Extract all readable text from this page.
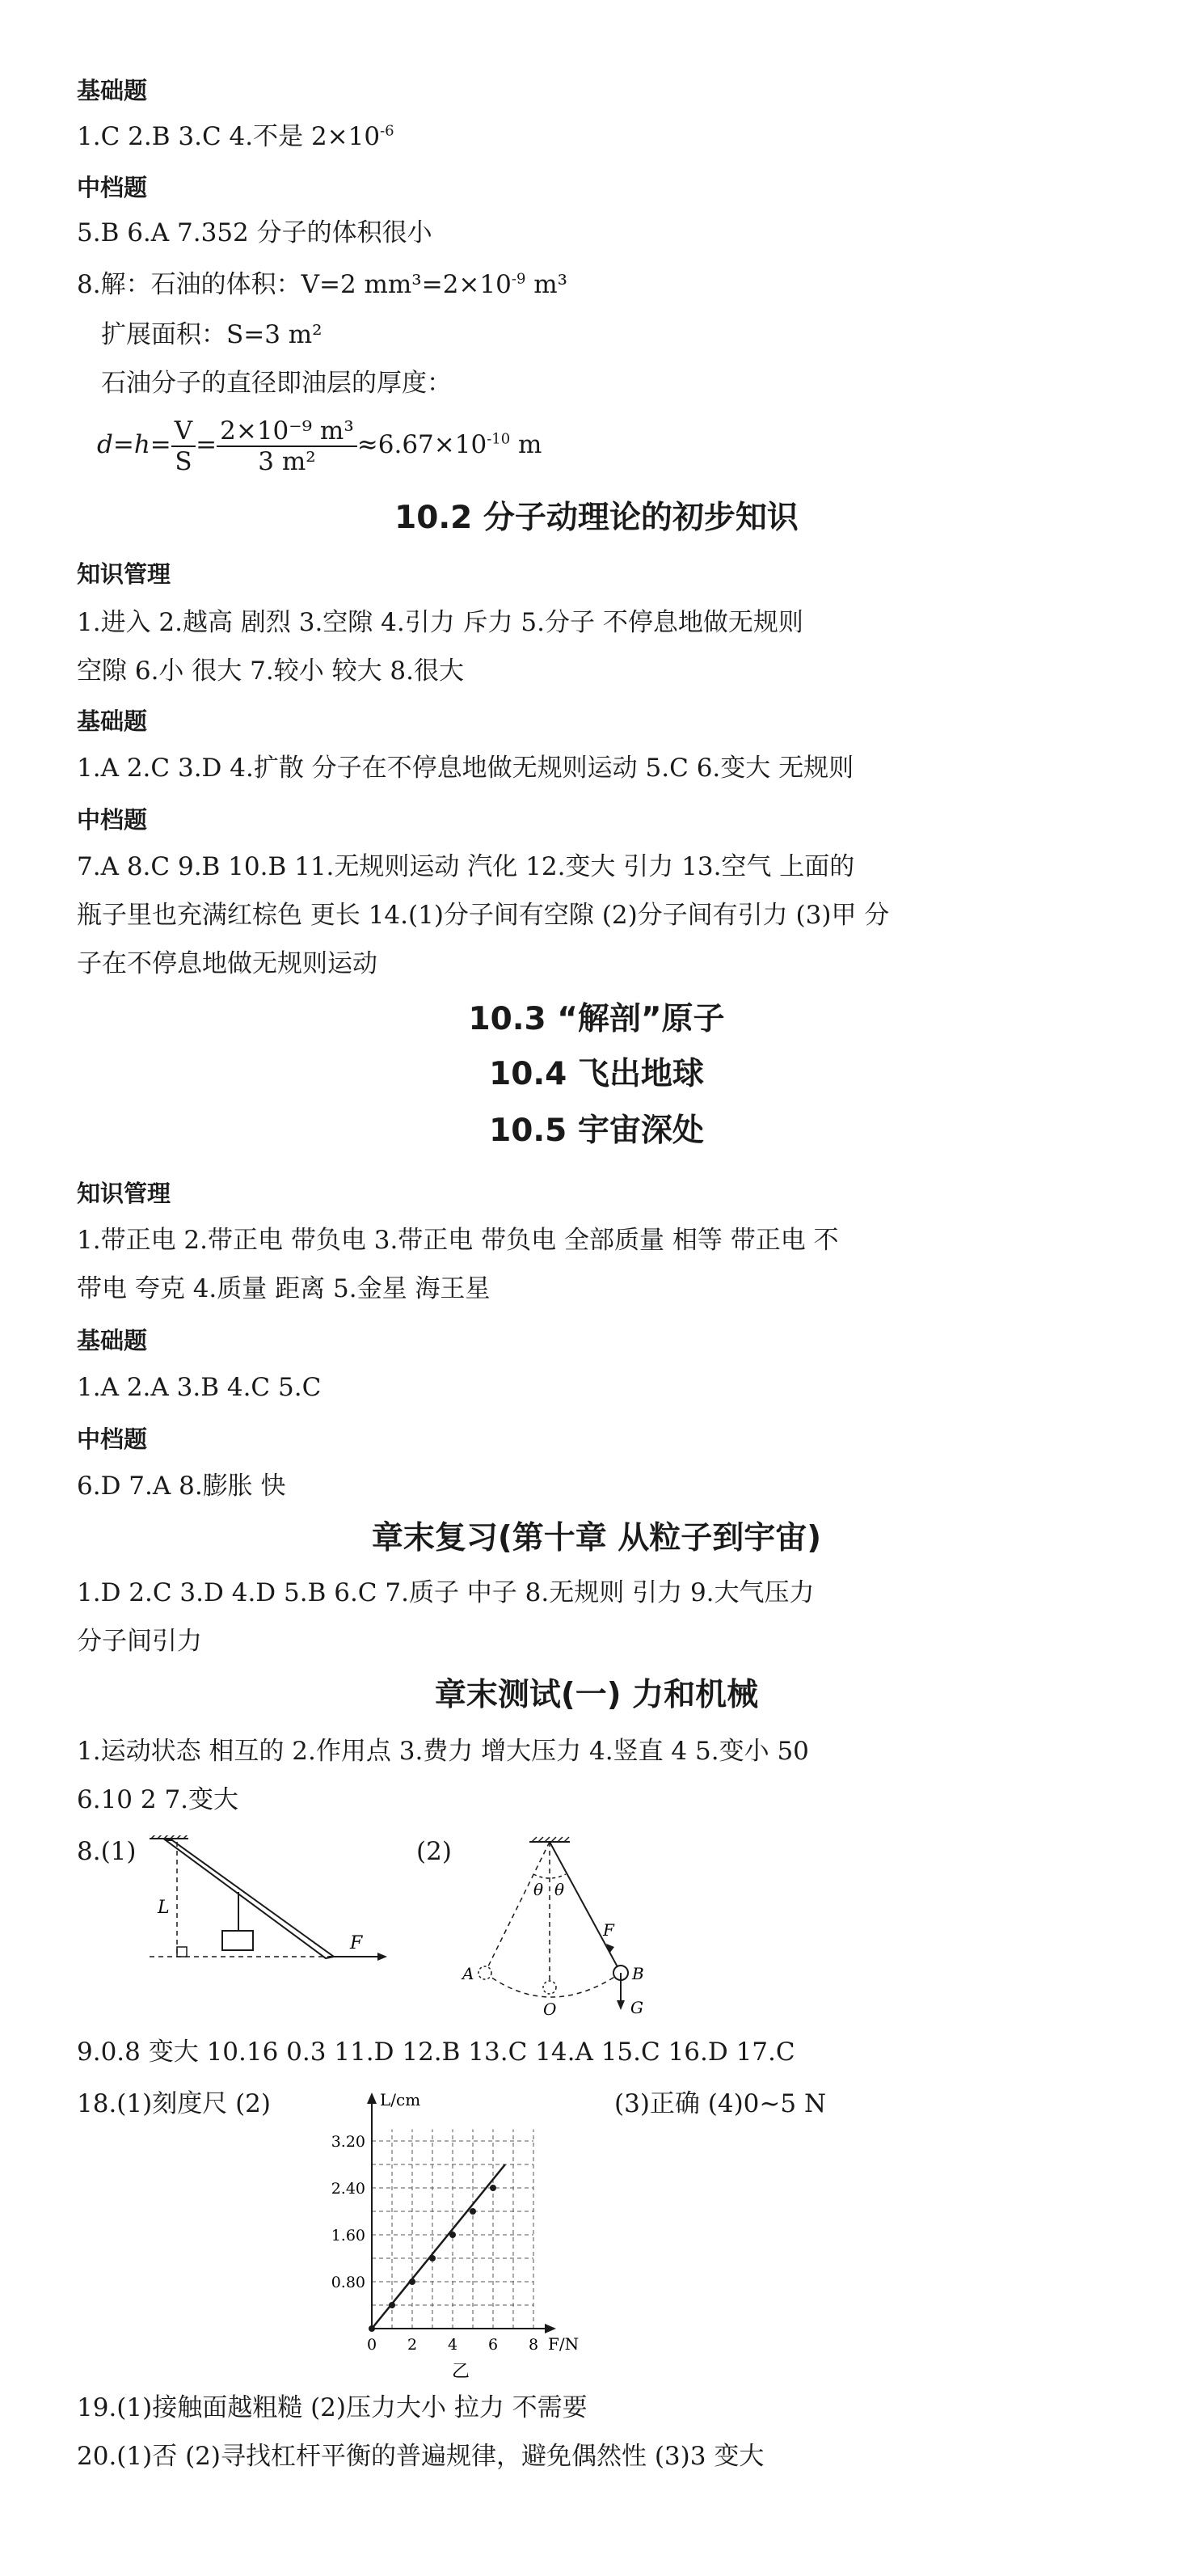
基础题
1.C 2.B 3.C 4.不是 $2\times 10^{-6}$
中档题
5.B 6.A 7.352 分子的体积很小
8.解：石油的体积：V=2 $mm^3=2\times 10^{-9}$ m³
扩展面积：S=3 m²
石油分子的直径即油层的厚度：
$d=h= \frac{V}{S} = \frac{\text{2×10⁻⁹ m³}}{\text{3 m²}} \approx 6.67\times 10^{-10}$ m
10.2 分子动理论的初步知识
知识管理
1.进入 2.越高 剧烈 3.空隙 4.引力 斥力 5.分子 不停息地做无规则
空隙 6.小 很大 7.较小 较大 8.很大
基础题
1.A 2.C 3.D 4.扩散 分子在不停息地做无规则运动 5.C 6.变大 无规则
中档题
7.A 8.C 9.B 10.B 11.无规则运动 汽化 12.变大 引力 13.空气 上面的
瓶子里也充满红棕色 更长 14.(1)分子间有空隙 (2)分子间有引力 (3)甲 分
子在不停息地做无规则运动
10.3 “解剖”原子
10.4 飞出地球
10.5 宇宙深处
知识管理
1.带正电 2.带正电 带负电 3.带正电 带负电 全部质量 相等 带正电 不
带电 夸克 4.质量 距离 5.金星 海王星
基础题
1.A 2.A 3.B 4.C 5.C
中档题
6.D 7.A 8.膨胀 快
章末复习(第十章 从粒子到宇宙)
1.D 2.C 3.D 4.D 5.B 6.C 7.质子 中子 8.无规则 引力 9.大气压力
分子间引力
章末测试(一) 力和机械
1.运动状态 相互的 2.作用点 3.费力 增大压力 4.竖直 4 5.变小 50
6.10 2 7.变大
8.(1)	(2)
L
F
θ θ
F
A	B
O	G
9.0.8 变大 10.16 0.3 11.D 12.B 13.C 14.A 15.C 16.D 17.C
18.(1)刻度尺 (2)	(3)正确 (4)0~5 N
L/cm
F/N
0 2 4 6 8
0.80
1.60
2.40
3.20
乙
19.(1)接触面越粗糙 (2)压力大小 拉力 不需要
20.(1)否 (2)寻找杠杆平衡的普遍规律，避免偶然性 (3)3 变大
